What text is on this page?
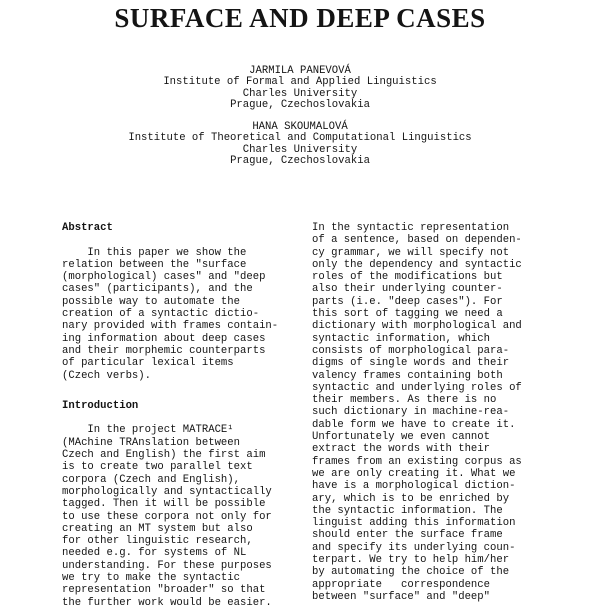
SURFACE AND DEEP CASES
JARMILA PANEVOVÁ
Institute of Formal and Applied Linguistics
Charles University
Prague, Czechoslovakia
HANA SKOUMALOVÁ
Institute of Theoretical and Computational Linguistics
Charles University
Prague, Czechoslovakia
Abstract
In this paper we show the
relation between the "surface
(morphological) cases" and "deep
cases" (participants), and the
possible way to automate the
creation of a syntactic dictio-
nary provided with frames contain-
ing information about deep cases
and their morphemic counterparts
of particular lexical items
(Czech verbs).
Introduction
In the project MATRACE¹
(MAchine TRAnslation between
Czech and English) the first aim
is to create two parallel text
corpora (Czech and English),
morphologically and syntactically
tagged. Then it will be possible
to use these corpora not only for
creating an MT system but also
for other linguistic research,
needed e.g. for systems of NL
understanding. For these purposes
we try to make the syntactic
representation "broader" so that
the further work would be easier.
In the syntactic representation
of a sentence, based on dependen-
cy grammar, we will specify not
only the dependency and syntactic
roles of the modifications but
also their underlying counter-
parts (i.e. "deep cases"). For
this sort of tagging we need a
dictionary with morphological and
syntactic information, which
consists of morphological para-
digms of single words and their
valency frames containing both
syntactic and underlying roles of
their members. As there is no
such dictionary in machine-rea-
dable form we have to create it.
Unfortunately we even cannot
extract the words with their
frames from an existing corpus as
we are only creating it. What we
have is a morphological diction-
ary, which is to be enriched by
the syntactic information. The
linguist adding this information
should enter the surface frame
and specify its underlying coun-
terpart. We try to help him/her
by automating the choice of the
appropriate   correspondence
between "surface" and "deep"
